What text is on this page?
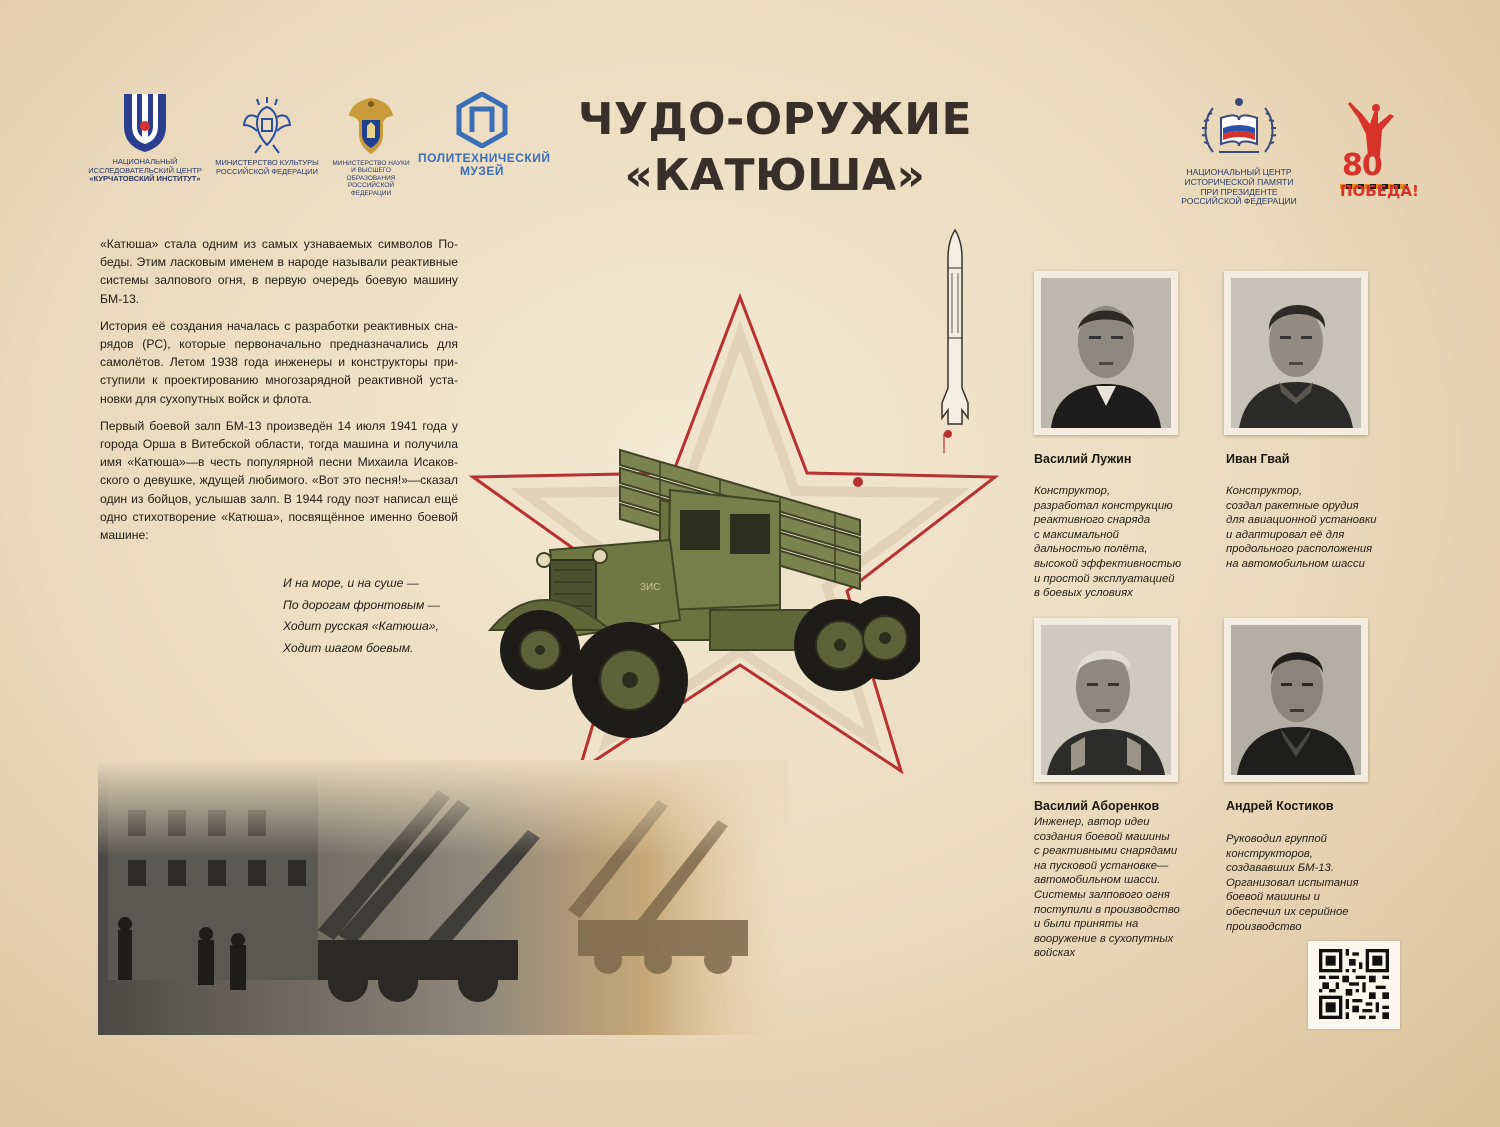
НАЦИОНАЛЬНЫЙ
ИССЛЕДОВАТЕЛЬСКИЙ ЦЕНТР
«КУРЧАТОВСКИЙ ИНСТИТУТ»
МИНИСТЕРСТВО КУЛЬТУРЫ
РОССИЙСКОЙ ФЕДЕРАЦИИ
МИНИСТЕРСТВО НАУКИ
И ВЫСШЕГО ОБРАЗОВАНИЯ
РОССИЙСКОЙ ФЕДЕРАЦИИ
ПОЛИТЕХНИЧЕСКИЙ
МУЗЕЙ	НАЦИОНАЛЬНЫЙ ЦЕНТР
ИСТОРИЧЕСКОЙ ПАМЯТИ
ПРИ ПРЕЗИДЕНТЕ
РОССИЙСКОЙ ФЕДЕРАЦИИ
80
ПОБЕДА!
ЧУДО-ОРУЖИЕ
«КАТЮША»

«Катюша» стала одним из самых узнаваемых символов Победы. Этим ласковым именем в народе называли реактивные системы залпового огня, в первую очередь боевую машину БМ-13.

История её создания началась с разработки реактивных снарядов (РС), которые первоначально предназначались для самолётов. Летом 1938 года инженеры и конструкторы приступили к проектированию многозарядной реактивной установки для сухопутных войск и флота.

Первый боевой залп БМ-13 произведён 14 июля 1941 года у города Орша в Витебской области, тогда машина и получила имя «Катюша»—в честь популярной песни Михаила Исаковского о девушке, ждущей любимого. «Вот это песня!»—сказал один из бойцов, услышав залп. В 1944 году поэт написал ещё одно стихотворение «Катюша», посвящённое именно боевой машине:

И на море, и на суше —
По дорогам фронтовым —
Ходит русская «Катюша»,
Ходит шагом боевым.
ЗИС
Василий Лужин
Конструктор,
разработал конструкцию
реактивного снаряда
с максимальной
дальностью полёта,
высокой эффективностью
и простой эксплуатацией
в боевых условиях
Иван Гвай
Конструктор,
создал ракетные орудия
для авиационной установки
и адаптировал её для
продольного расположения
на автомобильном шасси
Василий Аборенков
Инженер, автор идеи
создания боевой машины
с реактивными снарядами
на пусковой установке—
автомобильном шасси.
Системы залпового огня
поступили в производство
и были приняты на
вооружение в сухопутных
войсках
Андрей Костиков
Руководил группой
конструкторов,
создававших БМ-13.
Организовал испытания
боевой машины и
обеспечил их серийное
производство
